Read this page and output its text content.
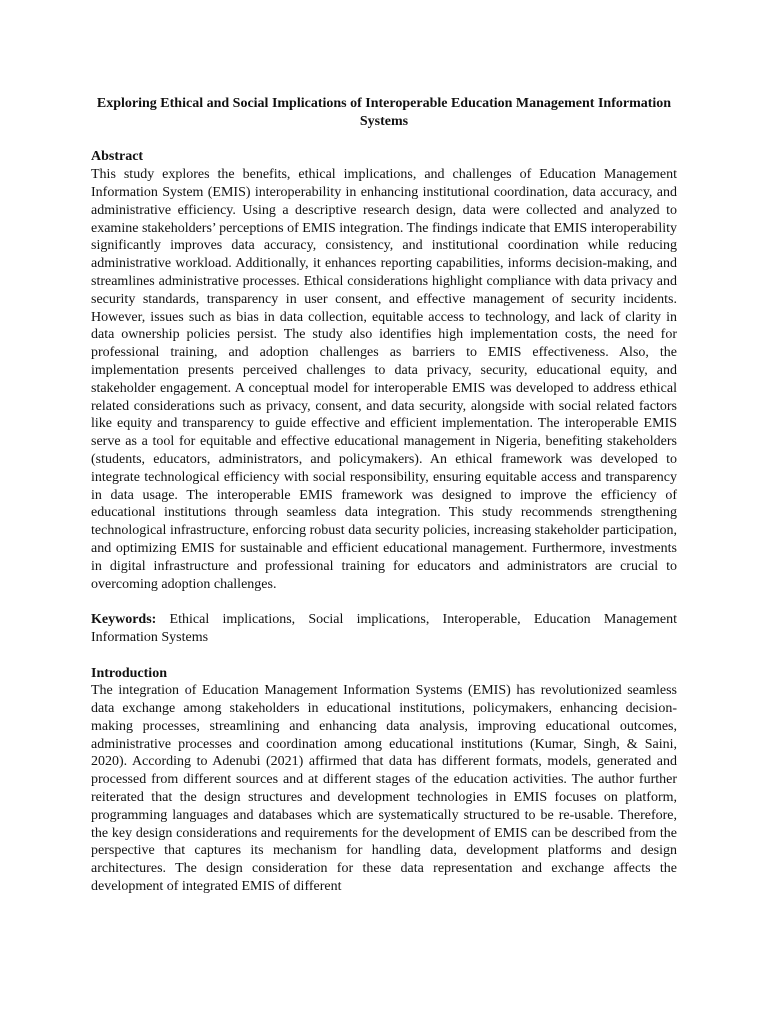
Exploring Ethical and Social Implications of Interoperable Education Management Information Systems
Abstract
This study explores the benefits, ethical implications, and challenges of Education Management Information System (EMIS) interoperability in enhancing institutional coordination, data accuracy, and administrative efficiency. Using a descriptive research design, data were collected and analyzed to examine stakeholders’ perceptions of EMIS integration. The findings indicate that EMIS interoperability significantly improves data accuracy, consistency, and institutional coordination while reducing administrative workload. Additionally, it enhances reporting capabilities, informs decision-making, and streamlines administrative processes. Ethical considerations highlight compliance with data privacy and security standards, transparency in user consent, and effective management of security incidents. However, issues such as bias in data collection, equitable access to technology, and lack of clarity in data ownership policies persist. The study also identifies high implementation costs, the need for professional training, and adoption challenges as barriers to EMIS effectiveness. Also, the implementation presents perceived challenges to data privacy, security, educational equity, and stakeholder engagement. A conceptual model for interoperable EMIS was developed to address ethical related considerations such as privacy, consent, and data security, alongside with social related factors like equity and transparency to guide effective and efficient implementation. The interoperable EMIS serve as a tool for equitable and effective educational management in Nigeria, benefiting stakeholders (students, educators, administrators, and policymakers). An ethical framework was developed to integrate technological efficiency with social responsibility, ensuring equitable access and transparency in data usage. The interoperable EMIS framework was designed to improve the efficiency of educational institutions through seamless data integration. This study recommends strengthening technological infrastructure, enforcing robust data security policies, increasing stakeholder participation, and optimizing EMIS for sustainable and efficient educational management. Furthermore, investments in digital infrastructure and professional training for educators and administrators are crucial to overcoming adoption challenges.
Keywords: Ethical implications, Social implications, Interoperable, Education Management Information Systems
Introduction
The integration of Education Management Information Systems (EMIS) has revolutionized seamless data exchange among stakeholders in educational institutions, policymakers, enhancing decision-making processes, streamlining and enhancing data analysis, improving educational outcomes, administrative processes and coordination among educational institutions (Kumar, Singh, & Saini, 2020). According to Adenubi (2021) affirmed that data has different formats, models, generated and processed from different sources and at different stages of the education activities. The author further reiterated that the design structures and development technologies in EMIS focuses on platform, programming languages and databases which are systematically structured to be re-usable. Therefore, the key design considerations and requirements for the development of EMIS can be described from the perspective that captures its mechanism for handling data, development platforms and design architectures. The design consideration for these data representation and exchange affects the development of integrated EMIS of different
